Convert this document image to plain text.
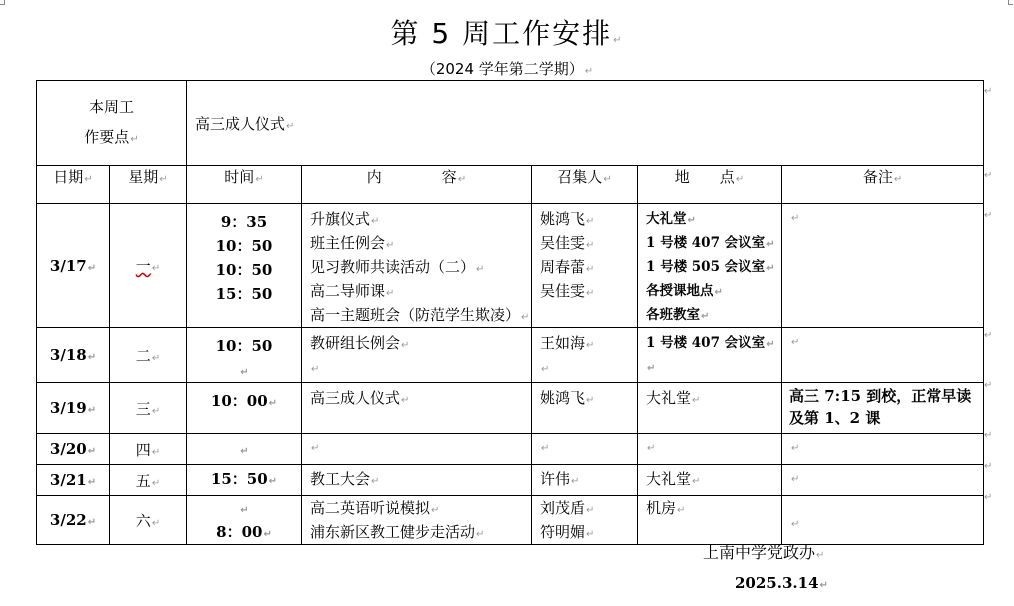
第 5 周工作安排↵
（2024 学年第二学期）↵
本周工
作要点↵		高三成人仪式↵				
日期↵	星期↵	时间↵	内　　　　容↵	召集人↵	地　　点↵	备注↵
3/17↵	一↵	9：35
10：50
10：50
15：50	升旗仪式↵
班主任例会↵
见习教师共读活动（二）↵
高二导师课↵
高一主题班会（防范学生欺凌）↵	姚鸿飞↵
吴佳雯↵
周春蕾↵
吴佳雯↵	大礼堂↵
1 号楼 407 会议室↵
1 号楼 505 会议室↵
各授课地点↵
各班教室↵	↵
3/18↵	二↵	10：50
↵	教研组长例会↵
↵	王如海↵
↵	1 号楼 407 会议室↵
↵	↵
3/19↵	三↵	10：00↵	高三成人仪式↵	姚鸿飞↵	大礼堂↵	高三 7:15 到校，正常早读及第 1、2 课
3/20↵	四↵	↵	↵	↵	↵	↵
3/21↵	五↵	15：50↵	教工大会↵	许伟↵	大礼堂↵	↵
3/22↵	六↵	↵
8：00↵	高二英语听说模拟↵
浦东新区教工健步走活动↵	刘茂盾↵
符明媚↵	机房↵	↵
↵
↵
↵
↵
↵
↵
↵
↵
上南中学党政办↵
2025.3.14↵
